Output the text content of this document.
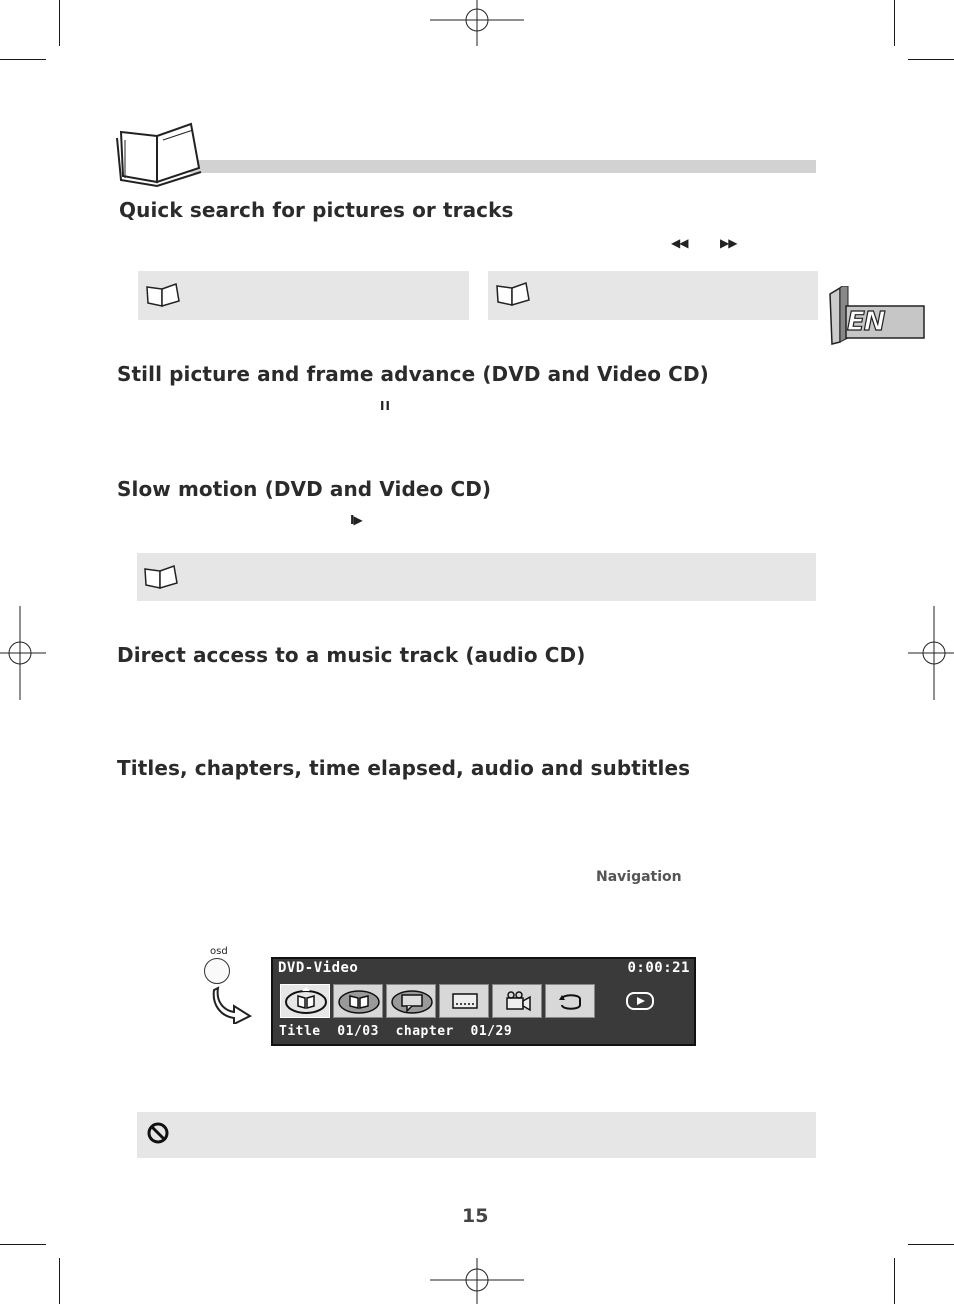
EN
Quick search for pictures or tracks
◀◀	▶▶
Still picture and frame advance (DVD and Video CD)
II
Slow motion (DVD and Video CD)
I▶
Direct access to a music track (audio CD)
Titles, chapters, time elapsed, audio and subtitles
Navigation
osd
DVD-Video	0:00:21
Title  01/03  chapter  01/29
15
